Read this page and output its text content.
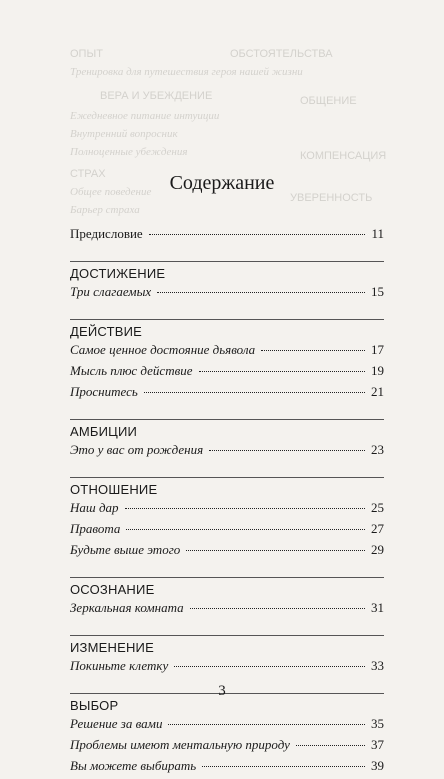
ОПЫТ	ОБСТОЯТЕЛЬСТВА
Тренировка для путешествия героя нашей жизни
ВЕРА И УБЕЖДЕНИЕ	ОБЩЕНИЕ
Ежедневное питание интуиции
Внутренний вопросник
Полноценные убеждения	КОМПЕНСАЦИЯ
СТРАХ
Общее поведение
Барьер страха
УВЕРЕННОСТЬ
Содержание
Предисловие	11
ДОСТИЖЕНИЕ
Три слагаемых	15
ДЕЙСТВИЕ
Самое ценное достояние дьявола	17
Мысль плюс действие	19
Проснитесь	21
АМБИЦИИ
Это у вас от рождения	23
ОТНОШЕНИЕ
Наш дар	25
Правота	27
Будьте выше этого	29
ОСОЗНАНИЕ
Зеркальная комната	31
ИЗМЕНЕНИЕ
Покиньте клетку	33
ВЫБОР
Решение за вами	35
Проблемы имеют ментальную природу	37
Вы можете выбирать	39
3
